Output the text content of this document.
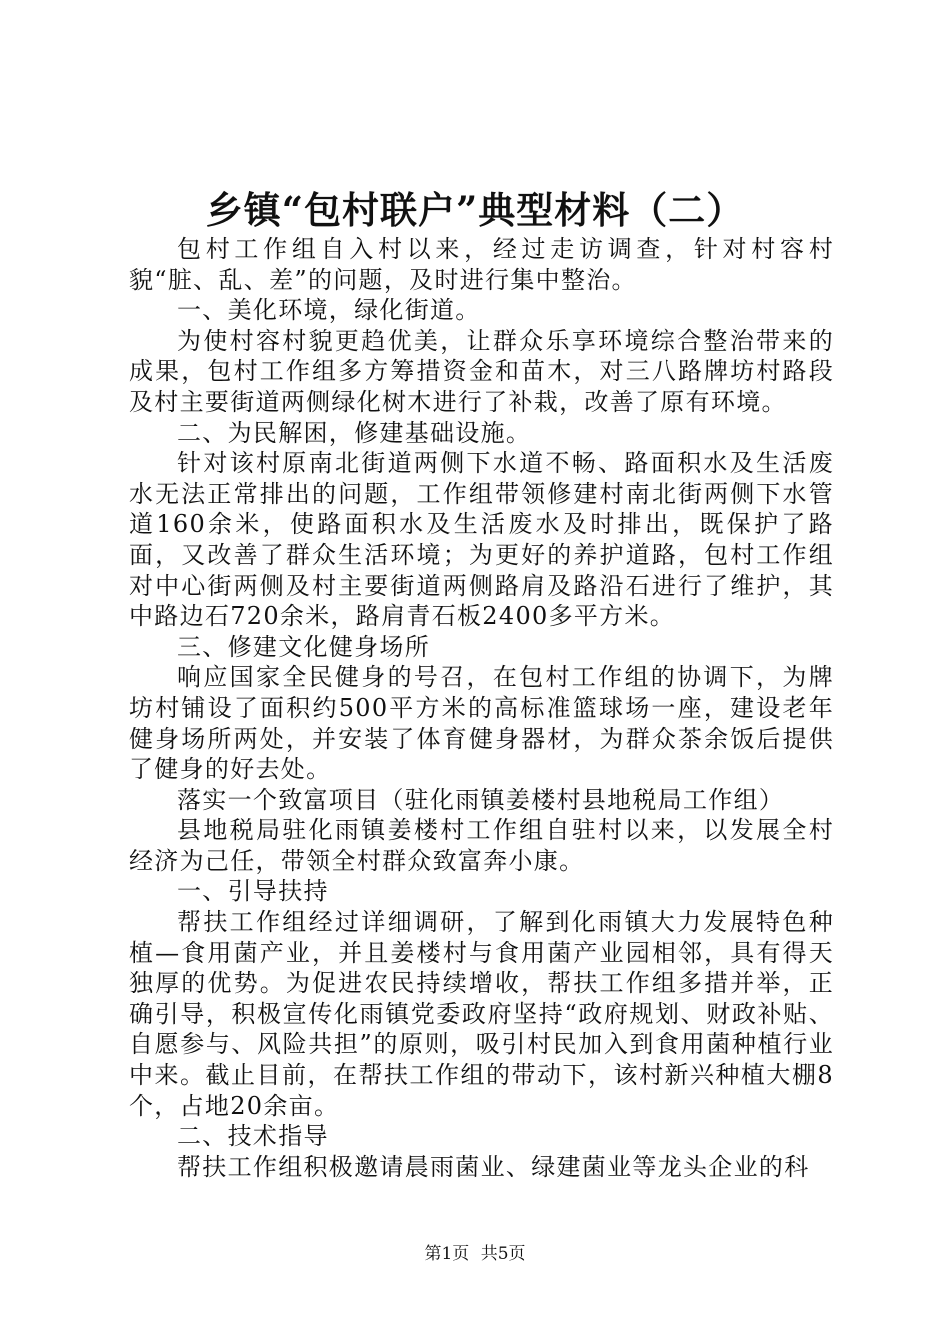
乡镇“包村联户”典型材料（二）

包村工作组自入村以来，经过走访调查，针对村容村貌“脏、乱、差”的问题，及时进行集中整治。

一、美化环境，绿化街道。

为使村容村貌更趋优美，让群众乐享环境综合整治带来的成果，包村工作组多方筹措资金和苗木，对三八路牌坊村路段及村主要街道两侧绿化树木进行了补栽，改善了原有环境。

二、为民解困，修建基础设施。

针对该村原南北街道两侧下水道不畅、路面积水及生活废水无法正常排出的问题，工作组带领修建村南北街两侧下水管道160余米，使路面积水及生活废水及时排出，既保护了路面，又改善了群众生活环境；为更好的养护道路，包村工作组对中心街两侧及村主要街道两侧路肩及路沿石进行了维护，其中路边石720余米，路肩青石板2400多平方米。

三、修建文化健身场所

响应国家全民健身的号召，在包村工作组的协调下，为牌坊村铺设了面积约500平方米的高标准篮球场一座，建设老年健身场所两处，并安装了体育健身器材，为群众茶余饭后提供了健身的好去处。

落实一个致富项目（驻化雨镇姜楼村县地税局工作组）

县地税局驻化雨镇姜楼村工作组自驻村以来，以发展全村经济为己任，带领全村群众致富奔小康。

一、引导扶持

帮扶工作组经过详细调研，了解到化雨镇大力发展特色种植—食用菌产业，并且姜楼村与食用菌产业园相邻，具有得天独厚的优势。为促进农民持续增收，帮扶工作组多措并举，正确引导，积极宣传化雨镇党委政府坚持“政府规划、财政补贴、自愿参与、风险共担”的原则，吸引村民加入到食用菌种植行业中来。截止目前，在帮扶工作组的带动下，该村新兴种植大棚8个，占地20余亩。

二、技术指导

帮扶工作组积极邀请晨雨菌业、绿建菌业等龙头企业的科

第1页 共5页
